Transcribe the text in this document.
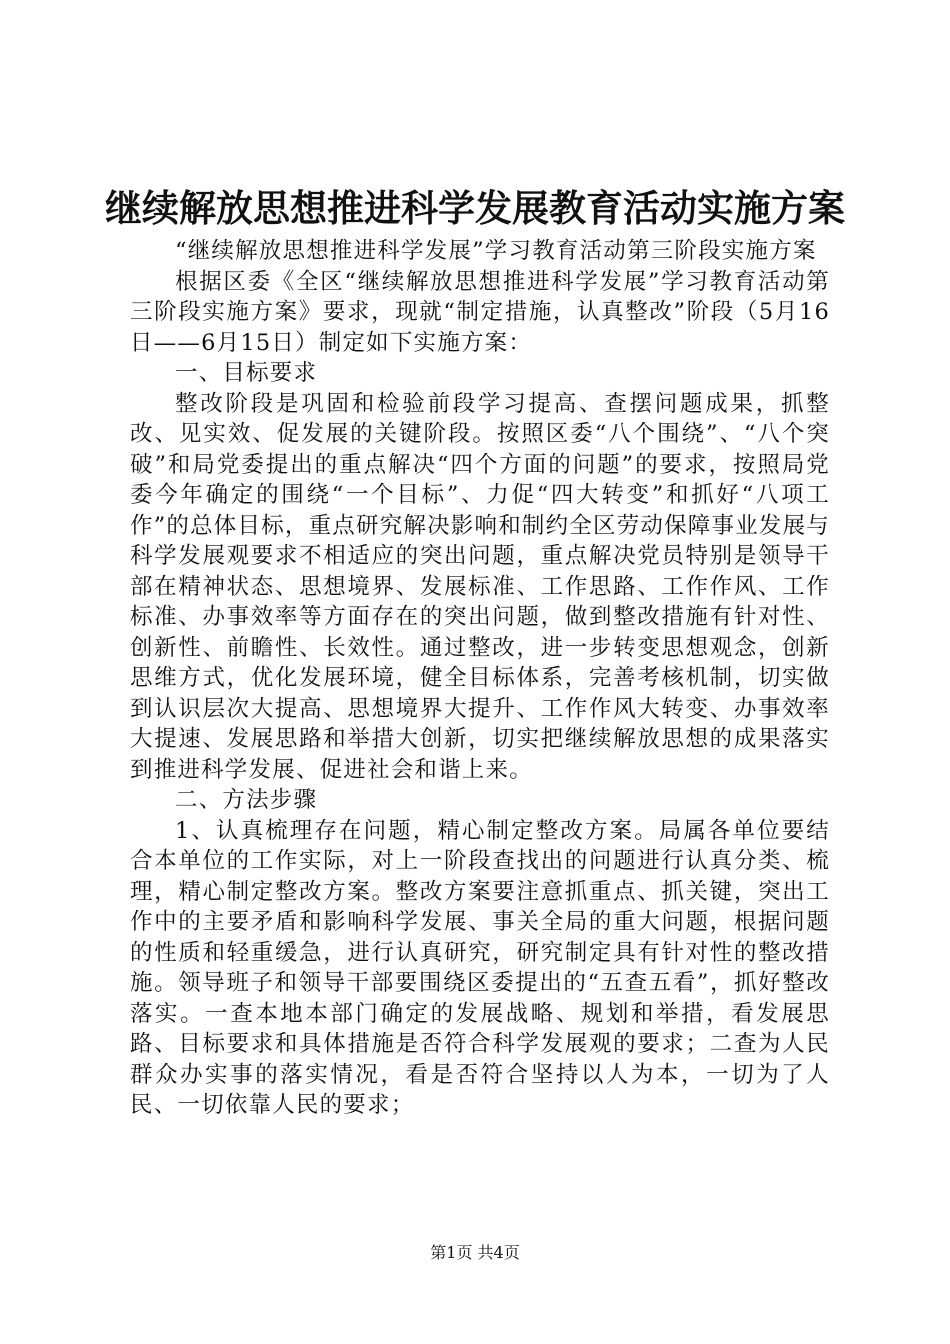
继续解放思想推进科学发展教育活动实施方案

“继续解放思想推进科学发展”学习教育活动第三阶段实施方案

根据区委《全区“继续解放思想推进科学发展”学习教育活动第三阶段实施方案》要求，现就“制定措施，认真整改”阶段（5月16日——6月15日）制定如下实施方案：

一、目标要求

整改阶段是巩固和检验前段学习提高、查摆问题成果，抓整改、见实效、促发展的关键阶段。按照区委“八个围绕”、“八个突破”和局党委提出的重点解决“四个方面的问题”的要求，按照局党委今年确定的围绕“一个目标”、力促“四大转变”和抓好“八项工作”的总体目标，重点研究解决影响和制约全区劳动保障事业发展与科学发展观要求不相适应的突出问题，重点解决党员特别是领导干部在精神状态、思想境界、发展标准、工作思路、工作作风、工作标准、办事效率等方面存在的突出问题，做到整改措施有针对性、创新性、前瞻性、长效性。通过整改，进一步转变思想观念，创新思维方式，优化发展环境，健全目标体系，完善考核机制，切实做到认识层次大提高、思想境界大提升、工作作风大转变、办事效率大提速、发展思路和举措大创新，切实把继续解放思想的成果落实到推进科学发展、促进社会和谐上来。

二、方法步骤

1、认真梳理存在问题，精心制定整改方案。局属各单位要结合本单位的工作实际，对上一阶段查找出的问题进行认真分类、梳理，精心制定整改方案。整改方案要注意抓重点、抓关键，突出工作中的主要矛盾和影响科学发展、事关全局的重大问题，根据问题的性质和轻重缓急，进行认真研究，研究制定具有针对性的整改措施。领导班子和领导干部要围绕区委提出的“五查五看”，抓好整改落实。一查本地本部门确定的发展战略、规划和举措，看发展思路、目标要求和具体措施是否符合科学发展观的要求；二查为人民群众办实事的落实情况，看是否符合坚持以人为本，一切为了人民、一切依靠人民的要求；

第1页 共4页
